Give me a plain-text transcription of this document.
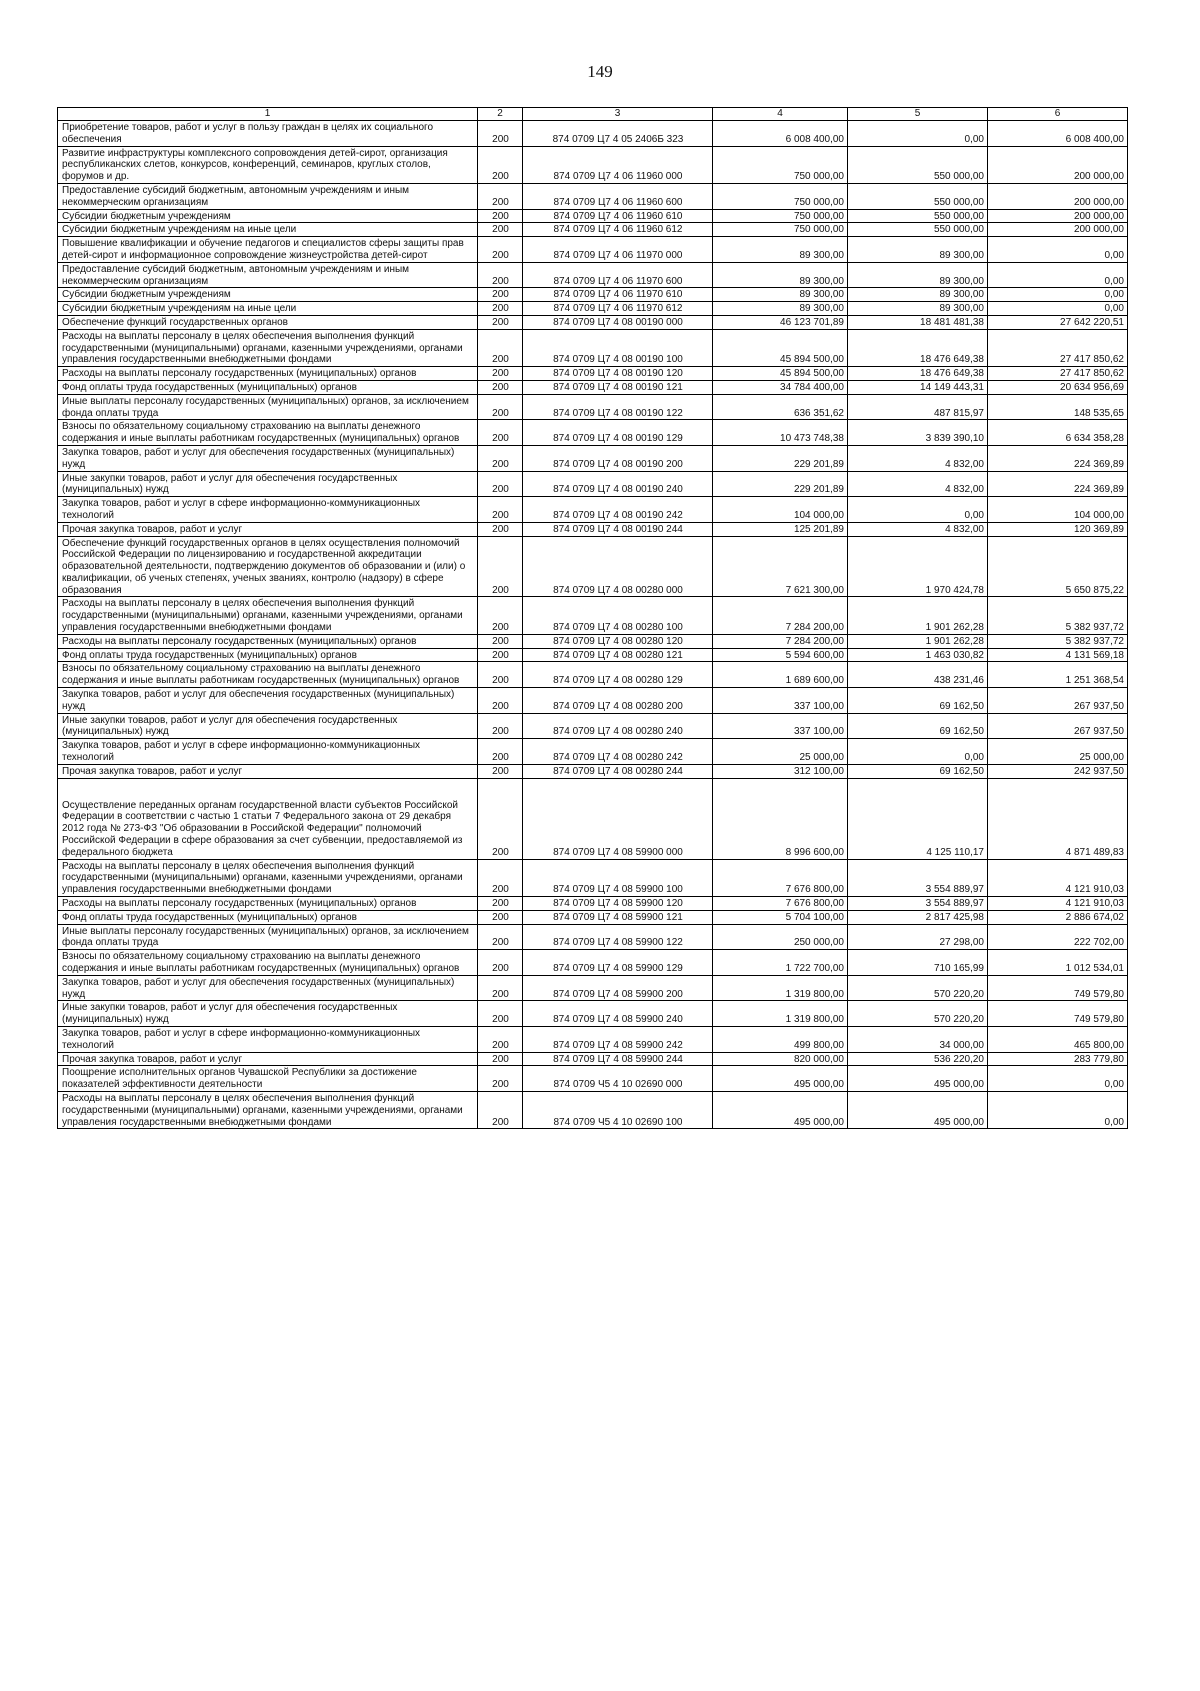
149
1	2	3	4	5	6
Приобретение товаров, работ и услуг в пользу граждан в целях их социального обеспечения	200	874 0709 Ц7 4 05 2406Б 323	6 008 400,00	0,00	6 008 400,00
Развитие инфраструктуры комплексного сопровождения детей-сирот, организация республиканских слетов, конкурсов, конференций, семинаров, круглых столов, форумов и др.	200	874 0709 Ц7 4 06 11960 000	750 000,00	550 000,00	200 000,00
Предоставление субсидий бюджетным, автономным учреждениям и иным некоммерческим организациям	200	874 0709 Ц7 4 06 11960 600	750 000,00	550 000,00	200 000,00
Субсидии бюджетным учреждениям	200	874 0709 Ц7 4 06 11960 610	750 000,00	550 000,00	200 000,00
Субсидии бюджетным учреждениям на иные цели	200	874 0709 Ц7 4 06 11960 612	750 000,00	550 000,00	200 000,00
Повышение квалификации и обучение педагогов и специалистов сферы защиты прав детей-сирот и информационное сопровождение жизнеустройства детей-сирот	200	874 0709 Ц7 4 06 11970 000	89 300,00	89 300,00	0,00
Предоставление субсидий бюджетным, автономным учреждениям и иным некоммерческим организациям	200	874 0709 Ц7 4 06 11970 600	89 300,00	89 300,00	0,00
Субсидии бюджетным учреждениям	200	874 0709 Ц7 4 06 11970 610	89 300,00	89 300,00	0,00
Субсидии бюджетным учреждениям на иные цели	200	874 0709 Ц7 4 06 11970 612	89 300,00	89 300,00	0,00
Обеспечение функций государственных органов	200	874 0709 Ц7 4 08 00190 000	46 123 701,89	18 481 481,38	27 642 220,51
Расходы на выплаты персоналу в целях обеспечения выполнения функций государственными (муниципальными) органами, казенными учреждениями, органами управления государственными внебюджетными фондами	200	874 0709 Ц7 4 08 00190 100	45 894 500,00	18 476 649,38	27 417 850,62
Расходы на выплаты персоналу государственных (муниципальных) органов	200	874 0709 Ц7 4 08 00190 120	45 894 500,00	18 476 649,38	27 417 850,62
Фонд оплаты труда государственных (муниципальных) органов	200	874 0709 Ц7 4 08 00190 121	34 784 400,00	14 149 443,31	20 634 956,69
Иные выплаты персоналу государственных (муниципальных) органов, за исключением фонда оплаты труда	200	874 0709 Ц7 4 08 00190 122	636 351,62	487 815,97	148 535,65
Взносы по обязательному социальному страхованию на выплаты денежного содержания и иные выплаты работникам государственных (муниципальных) органов	200	874 0709 Ц7 4 08 00190 129	10 473 748,38	3 839 390,10	6 634 358,28
Закупка товаров, работ и услуг для обеспечения государственных (муниципальных) нужд	200	874 0709 Ц7 4 08 00190 200	229 201,89	4 832,00	224 369,89
Иные закупки товаров, работ и услуг для обеспечения государственных (муниципальных) нужд	200	874 0709 Ц7 4 08 00190 240	229 201,89	4 832,00	224 369,89
Закупка товаров, работ и услуг в сфере информационно-коммуникационных технологий	200	874 0709 Ц7 4 08 00190 242	104 000,00	0,00	104 000,00
Прочая закупка товаров, работ и услуг	200	874 0709 Ц7 4 08 00190 244	125 201,89	4 832,00	120 369,89
Обеспечение функций государственных органов в целях осуществления полномочий Российской Федерации по лицензированию и государственной аккредитации образовательной деятельности, подтверждению документов об образовании и (или) о квалификации, об ученых степенях, ученых званиях, контролю (надзору) в сфере образования	200	874 0709 Ц7 4 08 00280 000	7 621 300,00	1 970 424,78	5 650 875,22
Расходы на выплаты персоналу в целях обеспечения выполнения функций государственными (муниципальными) органами, казенными учреждениями, органами управления государственными внебюджетными фондами	200	874 0709 Ц7 4 08 00280 100	7 284 200,00	1 901 262,28	5 382 937,72
Расходы на выплаты персоналу государственных (муниципальных) органов	200	874 0709 Ц7 4 08 00280 120	7 284 200,00	1 901 262,28	5 382 937,72
Фонд оплаты труда государственных (муниципальных) органов	200	874 0709 Ц7 4 08 00280 121	5 594 600,00	1 463 030,82	4 131 569,18
Взносы по обязательному социальному страхованию на выплаты денежного содержания и иные выплаты работникам государственных (муниципальных) органов	200	874 0709 Ц7 4 08 00280 129	1 689 600,00	438 231,46	1 251 368,54
Закупка товаров, работ и услуг для обеспечения государственных (муниципальных) нужд	200	874 0709 Ц7 4 08 00280 200	337 100,00	69 162,50	267 937,50
Иные закупки товаров, работ и услуг для обеспечения государственных (муниципальных) нужд	200	874 0709 Ц7 4 08 00280 240	337 100,00	69 162,50	267 937,50
Закупка товаров, работ и услуг в сфере информационно-коммуникационных технологий	200	874 0709 Ц7 4 08 00280 242	25 000,00	0,00	25 000,00
Прочая закупка товаров, работ и услуг	200	874 0709 Ц7 4 08 00280 244	312 100,00	69 162,50	242 937,50

Осуществление переданных органам государственной власти субъектов Российской Федерации в соответствии с частью 1 статьи 7 Федерального закона от 29 декабря 2012 года № 273-ФЗ "Об образовании в Российской Федерации" полномочий Российской Федерации в сфере образования за счет субвенции, предоставляемой из федерального бюджета	200	874 0709 Ц7 4 08 59900 000	8 996 600,00	4 125 110,17	4 871 489,83
Расходы на выплаты персоналу в целях обеспечения выполнения функций государственными (муниципальными) органами, казенными учреждениями, органами управления государственными внебюджетными фондами	200	874 0709 Ц7 4 08 59900 100	7 676 800,00	3 554 889,97	4 121 910,03
Расходы на выплаты персоналу государственных (муниципальных) органов	200	874 0709 Ц7 4 08 59900 120	7 676 800,00	3 554 889,97	4 121 910,03
Фонд оплаты труда государственных (муниципальных) органов	200	874 0709 Ц7 4 08 59900 121	5 704 100,00	2 817 425,98	2 886 674,02
Иные выплаты персоналу государственных (муниципальных) органов, за исключением фонда оплаты труда	200	874 0709 Ц7 4 08 59900 122	250 000,00	27 298,00	222 702,00
Взносы по обязательному социальному страхованию на выплаты денежного содержания и иные выплаты работникам государственных (муниципальных) органов	200	874 0709 Ц7 4 08 59900 129	1 722 700,00	710 165,99	1 012 534,01
Закупка товаров, работ и услуг для обеспечения государственных (муниципальных) нужд	200	874 0709 Ц7 4 08 59900 200	1 319 800,00	570 220,20	749 579,80
Иные закупки товаров, работ и услуг для обеспечения государственных (муниципальных) нужд	200	874 0709 Ц7 4 08 59900 240	1 319 800,00	570 220,20	749 579,80
Закупка товаров, работ и услуг в сфере информационно-коммуникационных технологий	200	874 0709 Ц7 4 08 59900 242	499 800,00	34 000,00	465 800,00
Прочая закупка товаров, работ и услуг	200	874 0709 Ц7 4 08 59900 244	820 000,00	536 220,20	283 779,80
Поощрение исполнительных органов Чувашской Республики за достижение показателей эффективности деятельности	200	874 0709 Ч5 4 10 02690 000	495 000,00	495 000,00	0,00
Расходы на выплаты персоналу в целях обеспечения выполнения функций государственными (муниципальными) органами, казенными учреждениями, органами управления государственными внебюджетными фондами	200	874 0709 Ч5 4 10 02690 100	495 000,00	495 000,00	0,00
